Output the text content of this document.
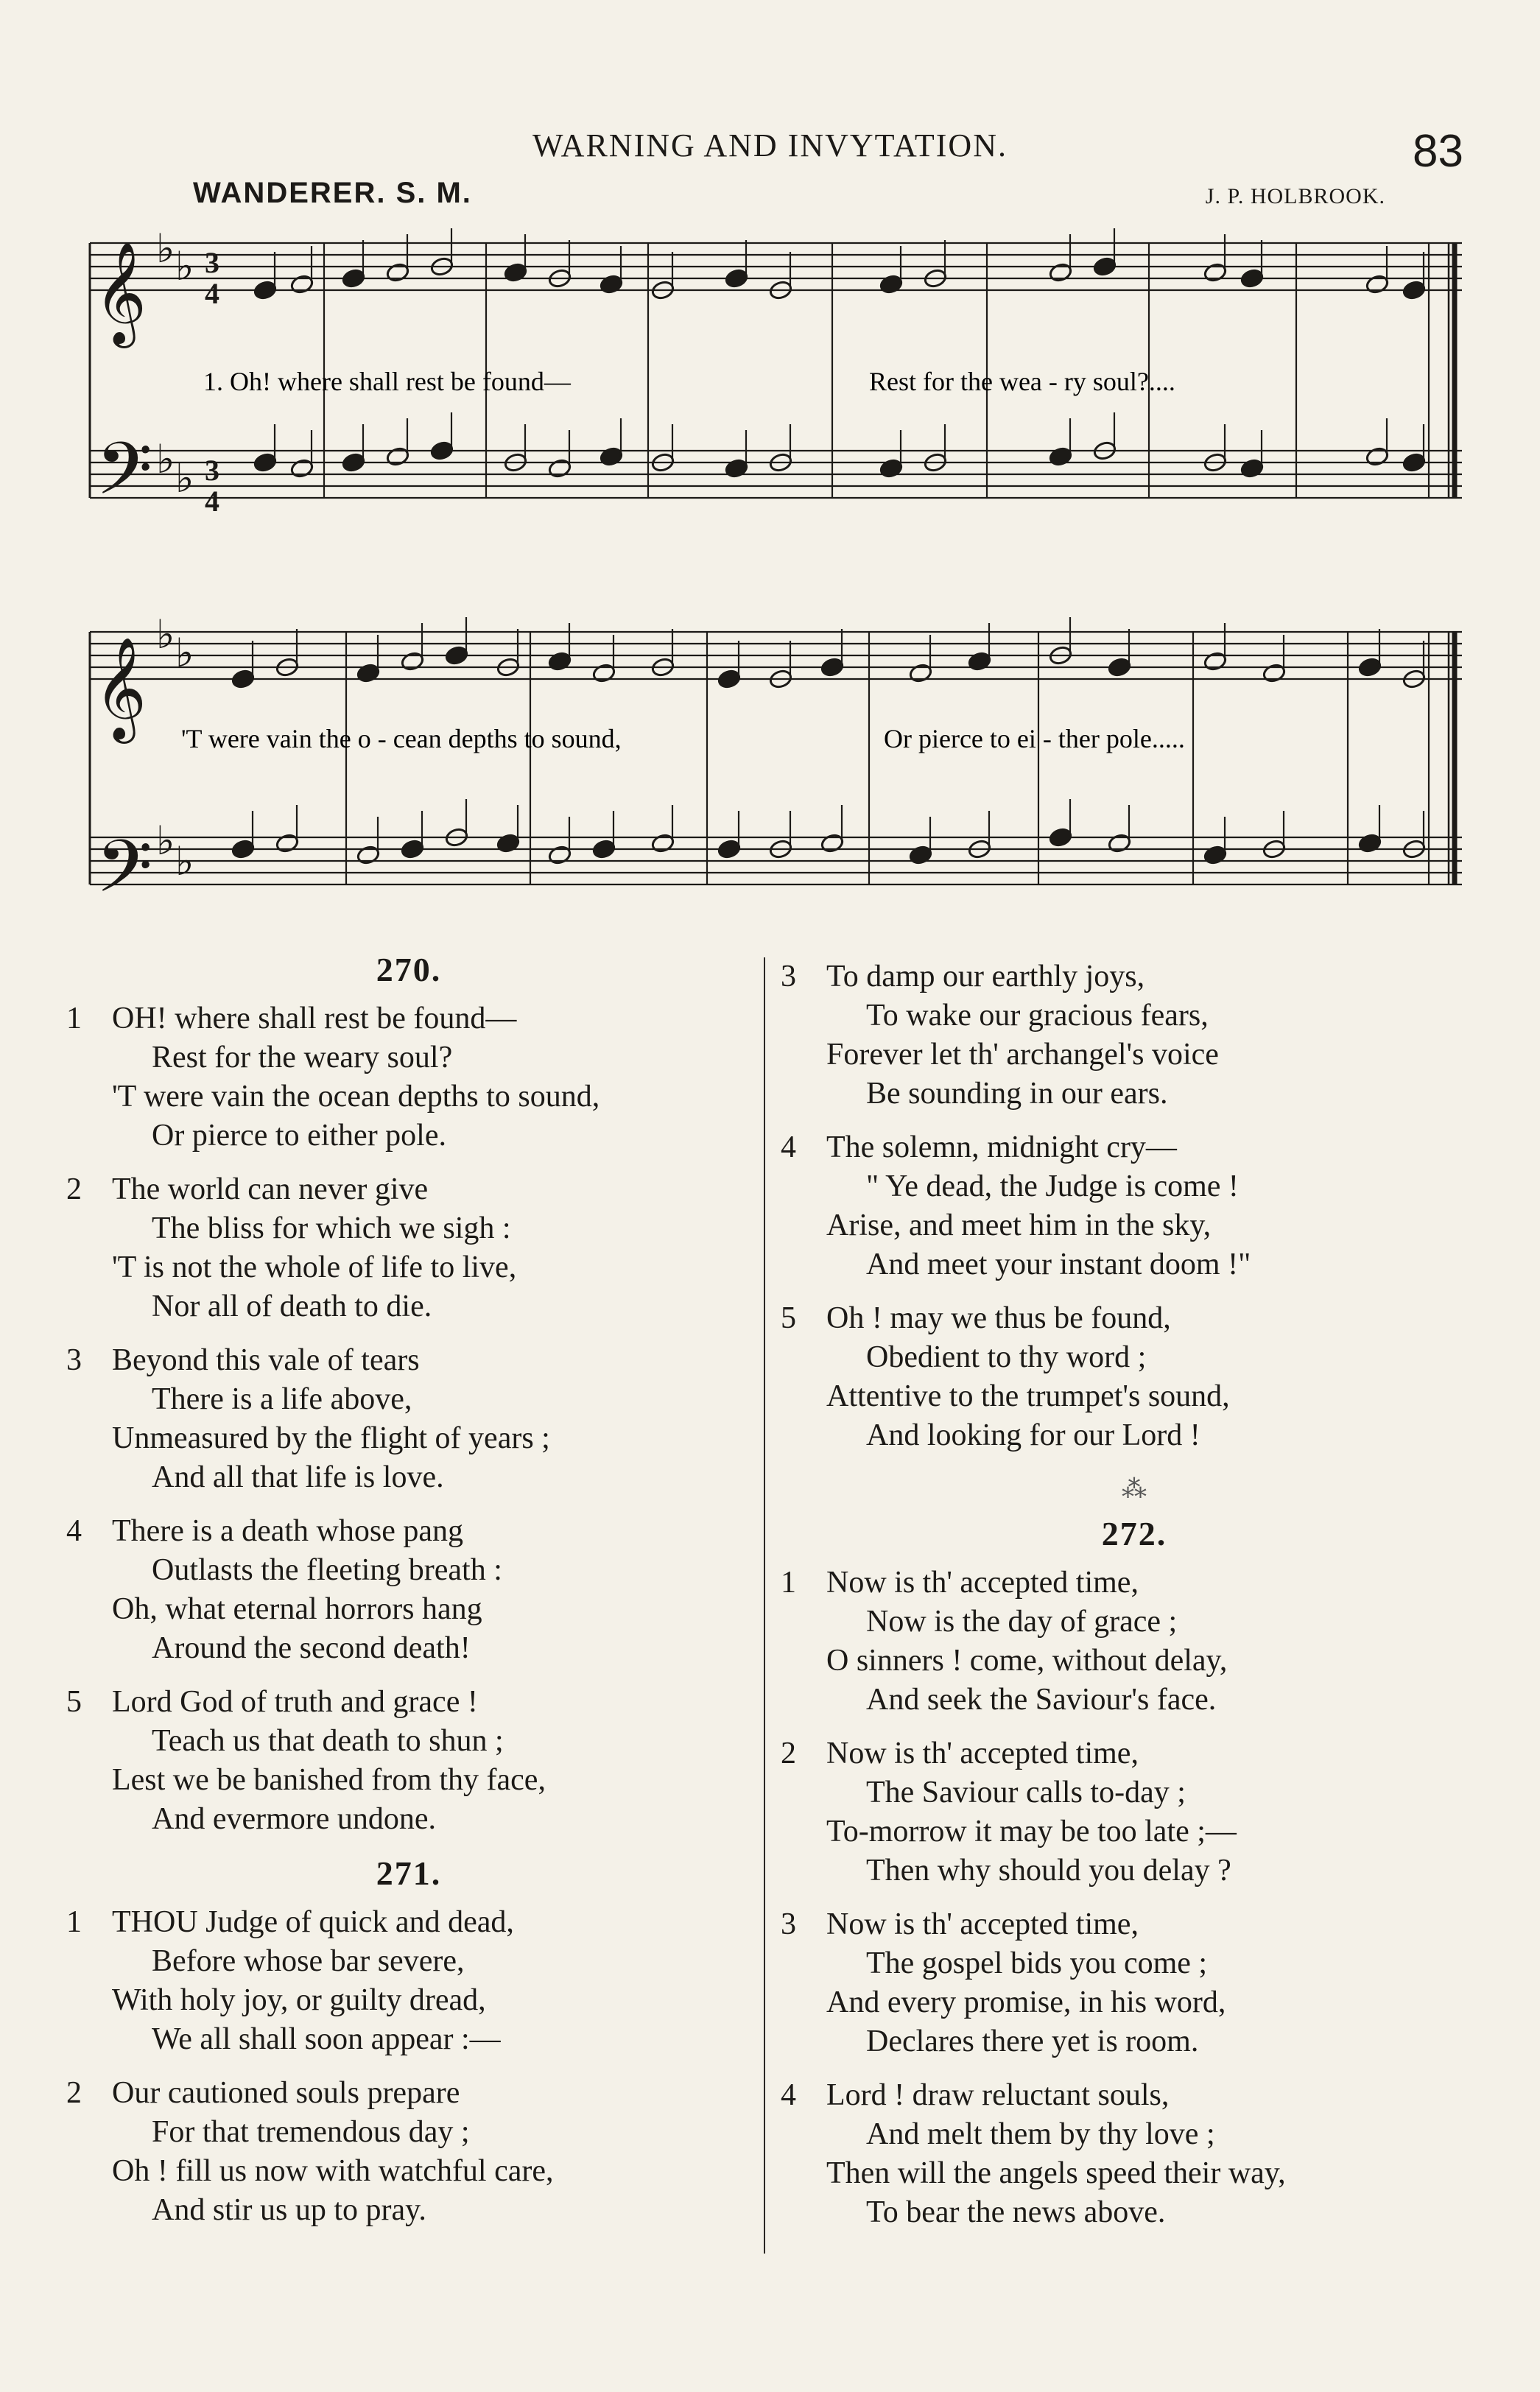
WARNING AND INVYTATION.	83
WANDERER. S. M.	J. P. HOLBROOK.
𝄞
𝄢
𝄞
𝄢
♭ ♭
♭ ♭
♭ ♭
♭ ♭
3
4
3
4
1. Oh! where shall rest be found—	Rest for the wea - ry soul?....
'T were vain the o - cean depths to sound,	Or pierce to ei - ther pole.....
270.
1 OH! where shall rest be found—
Rest for the weary soul?
'T were vain the ocean depths to sound,
Or pierce to either pole.
2 The world can never give
The bliss for which we sigh :
'T is not the whole of life to live,
Nor all of death to die.
3 Beyond this vale of tears
There is a life above,
Unmeasured by the flight of years ;
And all that life is love.
4 There is a death whose pang
Outlasts the fleeting breath :
Oh, what eternal horrors hang
Around the second death!
5 Lord God of truth and grace !
Teach us that death to shun ;
Lest we be banished from thy face,
And evermore undone.
271.
1 THOU Judge of quick and dead,
Before whose bar severe,
With holy joy, or guilty dread,
We all shall soon appear :—
2 Our cautioned souls prepare
For that tremendous day ;
Oh ! fill us now with watchful care,
And stir us up to pray.
3 To damp our earthly joys,
To wake our gracious fears,
Forever let th' archangel's voice
Be sounding in our ears.
4 The solemn, midnight cry—
" Ye dead, the Judge is come !
Arise, and meet him in the sky,
And meet your instant doom !"
5 Oh ! may we thus be found,
Obedient to thy word ;
Attentive to the trumpet's sound,
And looking for our Lord !
⁂
272.
1 Now is th' accepted time,
Now is the day of grace ;
O sinners ! come, without delay,
And seek the Saviour's face.
2 Now is th' accepted time,
The Saviour calls to-day ;
To-morrow it may be too late ;—
Then why should you delay ?
3 Now is th' accepted time,
The gospel bids you come ;
And every promise, in his word,
Declares there yet is room.
4 Lord ! draw reluctant souls,
And melt them by thy love ;
Then will the angels speed their way,
To bear the news above.
